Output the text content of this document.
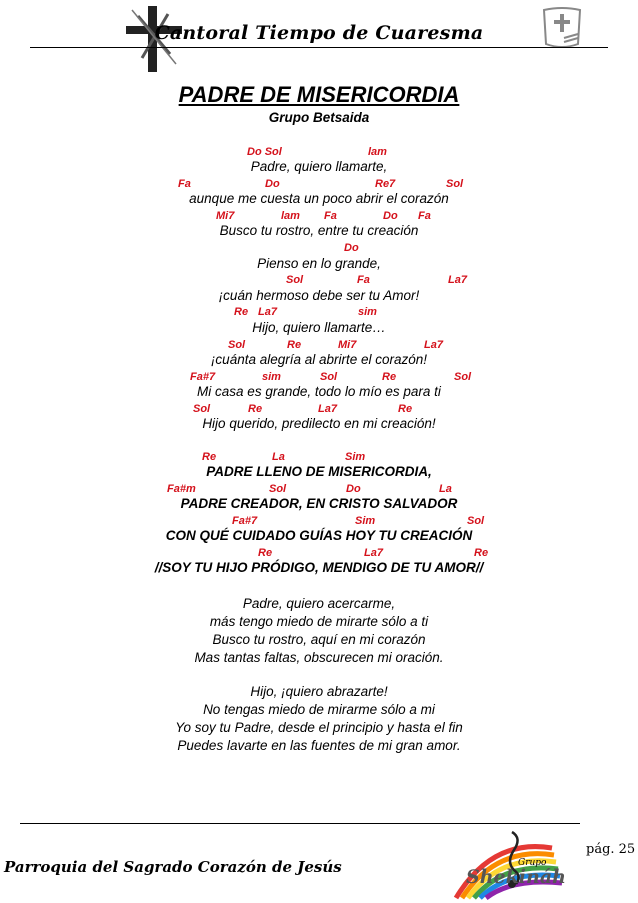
Cantoral Tiempo de Cuaresma
PADRE DE MISERICORDIA
Grupo Betsaida
Do Sol	lam
Padre, quiero llamarte,
Fa	Do	Re7	Sol
aunque me cuesta un poco abrir el corazón
Mi7	lam Fa	Do Fa
Busco tu rostro, entre tu creación
Do
Pienso en lo grande,
Sol	Fa	La7
¡cuán hermoso debe ser tu Amor!
Re La7	sim
Hijo, quiero llamarte…
Sol	Re	Mi7	La7
¡cuánta alegría al abrirte el corazón!
Fa#7	sim	Sol	Re	Sol
Mi casa es grande, todo lo mío es para ti
Sol	Re	La7	Re
Hijo querido, predilecto en mi creación!
Re	La	Sim
PADRE LLENO DE MISERICORDIA,
Fa#m	Sol	Do	La
PADRE CREADOR, EN CRISTO SALVADOR
Fa#7	Sim	Sol
CON QUÉ CUIDADO GUÍAS HOY TU CREACIÓN
Re	La7	Re
//SOY TU HIJO PRÓDIGO, MENDIGO DE TU AMOR//
Padre, quiero acercarme,
más tengo miedo de mirarte sólo a ti
Busco tu rostro, aquí en mi corazón
Mas tantas faltas, obscurecen mi oración.
Hijo, ¡quiero abrazarte!
No tengas miedo de mirarme sólo a mi
Yo soy tu Padre, desde el principio y hasta el fin
Puedes lavarte en las fuentes de mi gran amor.
pág. 25
Parroquia del Sagrado Corazón de Jesús	Grupo
Shekináh
